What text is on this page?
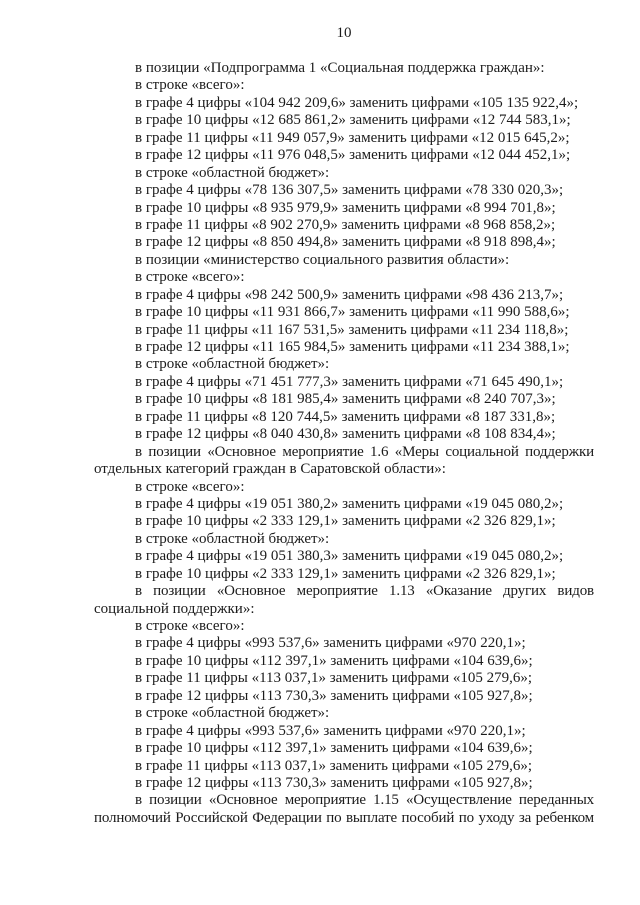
10
в позиции «Подпрограмма 1 «Социальная поддержка граждан»:
в строке «всего»:
в графе 4 цифры «104 942 209,6» заменить цифрами «105 135 922,4»;
в графе 10 цифры «12 685 861,2» заменить цифрами «12 744 583,1»;
в графе 11 цифры «11 949 057,9» заменить цифрами «12 015 645,2»;
в графе 12 цифры «11 976 048,5» заменить цифрами «12 044 452,1»;
в строке «областной бюджет»:
в графе 4 цифры «78 136 307,5» заменить цифрами «78 330 020,3»;
в графе 10 цифры «8 935 979,9» заменить цифрами «8 994 701,8»;
в графе 11 цифры «8 902 270,9» заменить цифрами «8 968 858,2»;
в графе 12 цифры «8 850 494,8» заменить цифрами «8 918 898,4»;
в позиции «министерство социального развития области»:
в строке «всего»:
в графе 4 цифры «98 242 500,9» заменить цифрами «98 436 213,7»;
в графе 10 цифры «11 931 866,7» заменить цифрами «11 990 588,6»;
в графе 11 цифры «11 167 531,5» заменить цифрами «11 234 118,8»;
в графе 12 цифры «11 165 984,5» заменить цифрами «11 234 388,1»;
в строке «областной бюджет»:
в графе 4 цифры «71 451 777,3» заменить цифрами «71 645 490,1»;
в графе 10 цифры «8 181 985,4» заменить цифрами «8 240 707,3»;
в графе 11 цифры «8 120 744,5» заменить цифрами «8 187 331,8»;
в графе 12 цифры «8 040 430,8» заменить цифрами «8 108 834,4»;
в позиции «Основное мероприятие 1.6 «Меры социальной поддержки
отдельных категорий граждан в Саратовской области»:
в строке «всего»:
в графе 4 цифры «19 051 380,2» заменить цифрами «19 045 080,2»;
в графе 10 цифры «2 333 129,1» заменить цифрами «2 326 829,1»;
в строке «областной бюджет»:
в графе 4 цифры «19 051 380,3» заменить цифрами «19 045 080,2»;
в графе 10 цифры «2 333 129,1» заменить цифрами «2 326 829,1»;
в позиции «Основное мероприятие 1.13 «Оказание других видов
социальной поддержки»:
в строке «всего»:
в графе 4 цифры «993 537,6» заменить цифрами «970 220,1»;
в графе 10 цифры «112 397,1» заменить цифрами «104 639,6»;
в графе 11 цифры «113 037,1» заменить цифрами «105 279,6»;
в графе 12 цифры «113 730,3» заменить цифрами «105 927,8»;
в строке «областной бюджет»:
в графе 4 цифры «993 537,6» заменить цифрами «970 220,1»;
в графе 10 цифры «112 397,1» заменить цифрами «104 639,6»;
в графе 11 цифры «113 037,1» заменить цифрами «105 279,6»;
в графе 12 цифры «113 730,3» заменить цифрами «105 927,8»;
в позиции «Основное мероприятие 1.15 «Осуществление переданных
полномочий Российской Федерации по выплате пособий по уходу за ребенком
